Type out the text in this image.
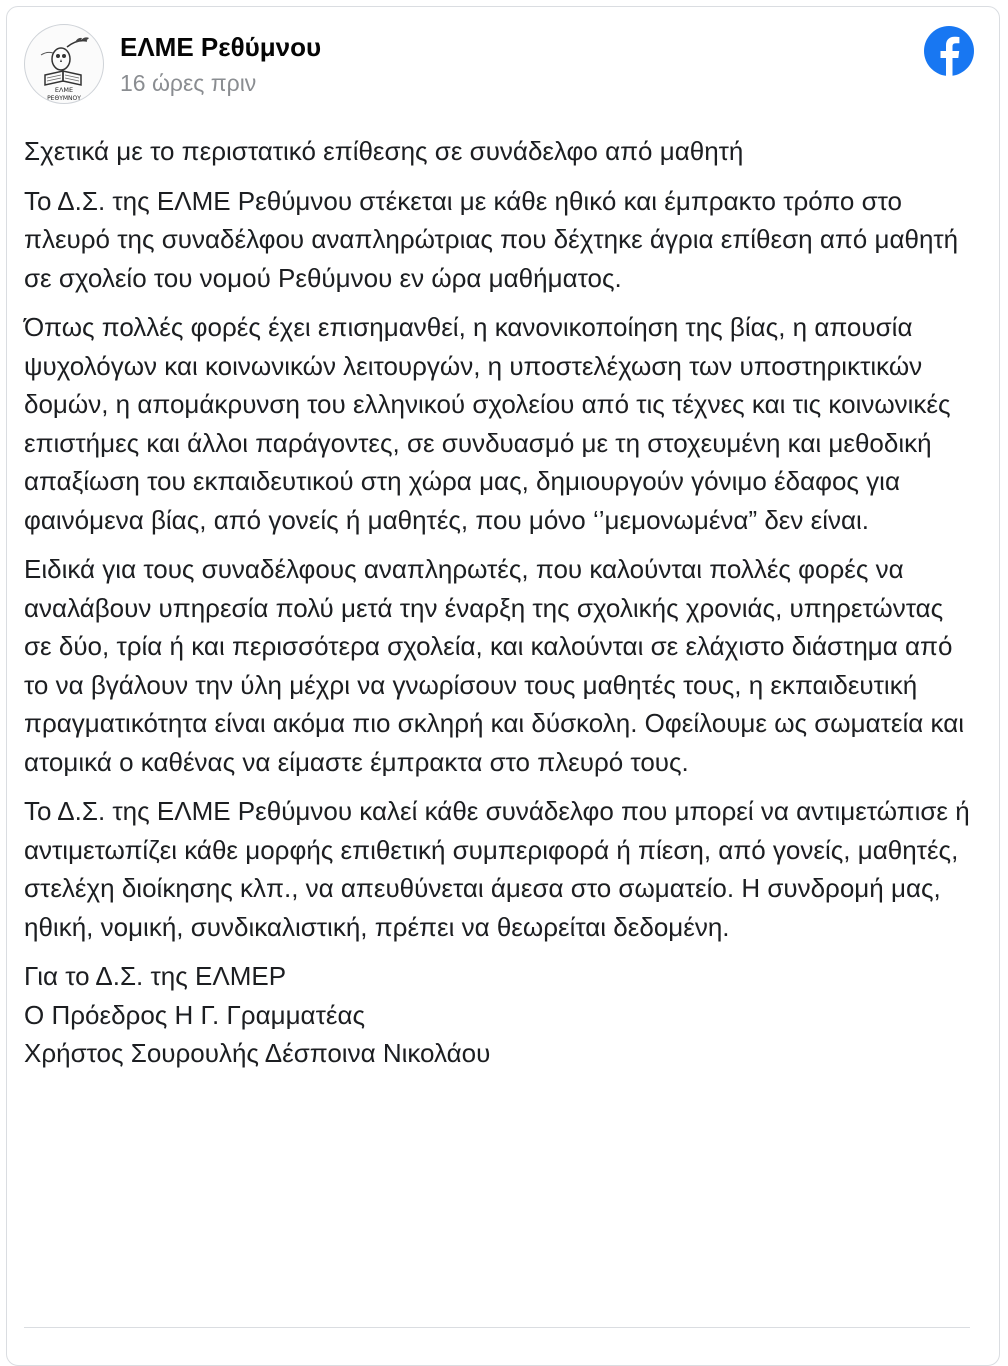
ΕΛΜΕ
ΡΕΘΥΜΝΟΥ
ΕΛΜΕ Ρεθύμνου
16 ώρες πριν

Σχετικά με το περιστατικό επίθεσης σε συνάδελφο από μαθητή

Το Δ.Σ. της ΕΛΜΕ Ρεθύμνου στέκεται με κάθε ηθικό και έμπρακτο τρόπο στο πλευρό της συναδέλφου αναπληρώτριας που δέχτηκε άγρια επίθεση από μαθητή σε σχολείο του νομού Ρεθύμνου εν ώρα μαθήματος.

Όπως πολλές φορές έχει επισημανθεί, η κανονικοποίηση της βίας, η απουσία ψυχολόγων και κοινωνικών λειτουργών, η υποστελέχωση των υποστηρικτικών δομών, η απομάκρυνση του ελληνικού σχολείου από τις τέχνες και τις κοινωνικές επιστήμες και άλλοι παράγοντες, σε συνδυασμό με τη στοχευμένη και μεθοδική απαξίωση του εκπαιδευτικού στη χώρα μας, δημιουργούν γόνιμο έδαφος για φαινόμενα βίας, από γονείς ή μαθητές, που μόνο ‘’μεμονωμένα” δεν είναι.

Ειδικά για τους συναδέλφους αναπληρωτές, που καλούνται πολλές φορές να αναλάβουν υπηρεσία πολύ μετά την έναρξη της σχολικής χρονιάς, υπηρετώντας σε δύο, τρία ή και περισσότερα σχολεία, και καλούνται σε ελάχιστο διάστημα από το να βγάλουν την ύλη μέχρι να γνωρίσουν τους μαθητές τους, η εκπαιδευτική πραγματικότητα είναι ακόμα πιο σκληρή και δύσκολη. Οφείλουμε ως σωματεία και ατομικά ο καθένας να είμαστε έμπρακτα στο πλευρό τους.

Το Δ.Σ. της ΕΛΜΕ Ρεθύμνου καλεί κάθε συνάδελφο που μπορεί να αντιμετώπισε ή αντιμετωπίζει κάθε μορφής επιθετική συμπεριφορά ή πίεση, από γονείς, μαθητές, στελέχη διοίκησης κλπ., να απευθύνεται άμεσα στο σωματείο. Η συνδρομή μας, ηθική, νομική, συνδικαλιστική, πρέπει να θεωρείται δεδομένη.

Για το Δ.Σ. της ΕΛΜΕΡ
Ο Πρόεδρος Η Γ. Γραμματέας
Χρήστος Σουρουλής Δέσποινα Νικολάου
